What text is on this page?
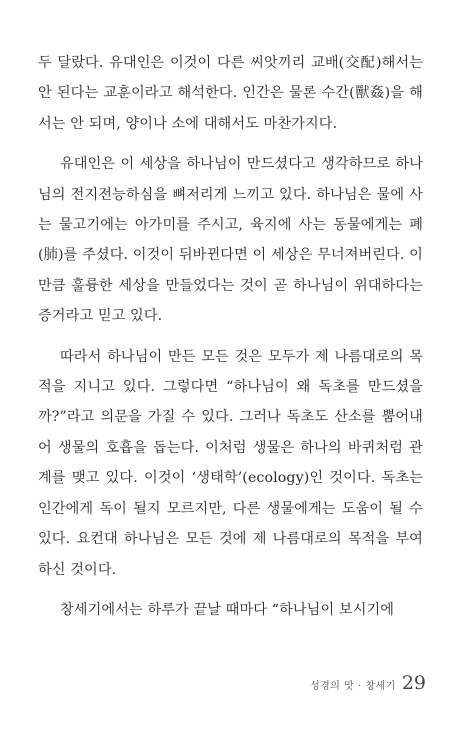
두 달랐다. 유대인은 이것이 다른 씨앗끼리 교배(交配)해서는 안 된다는 교훈이라고 해석한다. 인간은 물론 수간(獸姦)을 해서는 안 되며, 양이나 소에 대해서도 마찬가지다.

유대인은 이 세상을 하나님이 만드셨다고 생각하므로 하나님의 전지전능하심을 뼈저리게 느끼고 있다. 하나님은 물에 사는 물고기에는 아가미를 주시고, 육지에 사는 동물에게는 폐(肺)를 주셨다. 이것이 뒤바뀐다면 이 세상은 무너져버린다. 이만큼 훌륭한 세상을 만들었다는 것이 곧 하나님이 위대하다는 증거라고 믿고 있다.

따라서 하나님이 만든 모든 것은 모두가 제 나름대로의 목적을 지니고 있다. 그렇다면 “하나님이 왜 독초를 만드셨을까?”라고 의문을 가질 수 있다. 그러나 독초도 산소를 뿜어내어 생물의 호흡을 돕는다. 이처럼 생물은 하나의 바퀴처럼 관계를 맺고 있다. 이것이 ‘생태학’(ecology)인 것이다. 독초는 인간에게 독이 될지 모르지만, 다른 생물에게는 도움이 될 수 있다. 요컨대 하나님은 모든 것에 제 나름대로의 목적을 부여하신 것이다.

창세기에서는 하루가 끝날 때마다 “하나님이 보시기에

성경의 맛 · 창세기 29
